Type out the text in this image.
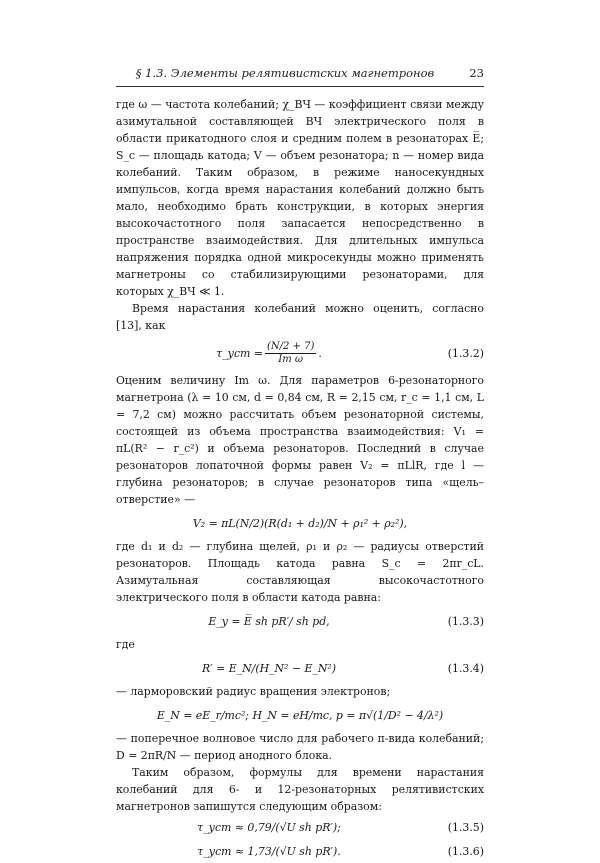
§ 1.3. Элементы релятивистских магнетронов	23

где ω — частота колебаний; χ_ВЧ — коэффициент связи между азимутальной составляющей ВЧ электрического поля в области прикатодного слоя и средним полем в резонаторах E̅; S_c — площадь катода; V — объем резонатора; n — номер вида колебаний. Таким образом, в режиме наносекундных импульсов, когда время нарастания колебаний должно быть мало, необходимо брать конструкции, в которых энергия высокочастотного поля запасается непосредственно в пространстве взаимодействия. Для длительных импульса напряжения порядка одной микросекунды можно применять магнетроны со стабилизирующими резонаторами, для которых χ_ВЧ ≪ 1.

Время нарастания колебаний можно оценить, согласно [13], как

τ_уст = $\frac{(N/2 + 7)}{\text{Im ω}}$ .	(1.3.2)

Оценим величину Im ω. Для параметров 6-резонаторного магнетрона (λ = 10 см, d = 0,84 см, R = 2,15 см, r_c = 1,1 см, L = 7,2 см) можно рассчитать объем резонаторной системы, состоящей из объема пространства взаимодействия: V₁ = πL(R² − r_c²) и объема резонаторов. Последний в случае резонаторов лопаточной формы равен V₂ = πLlR, где l — глубина резонаторов; в случае резонаторов типа «щель–отверстие» —

V₂ = πL(N/2)(R(d₁ + d₂)/N + ρ₁² + ρ₂²),

где d₁ и d₂ — глубина щелей, ρ₁ и ρ₂ — радиусы отверстий резонаторов. Площадь катода равна S_c = 2πr_cL. Азимутальная составляющая высокочастотного электрического поля в области катода равна:

E_y = E̅ sh pR′/ sh pd,	(1.3.3)

где

R′ = E_N/(H_N² − E_N²)	(1.3.4)

— ларморовский радиус вращения электронов;

E_N = eE_r/mc²; H_N = eH/mc, p = π√(1/D² − 4/λ²)

— поперечное волновое число для рабочего π-вида колебаний; D = 2πR/N — период анодного блока.

Таким образом, формулы для времени нарастания колебаний для 6- и 12-резонаторных релятивистских магнетронов запишутся следующим образом:

τ_уст ≈ 0,79/(√U sh pR′);	(1.3.5)
τ_уст ≈ 1,73/(√U sh pR′).	(1.3.6)
